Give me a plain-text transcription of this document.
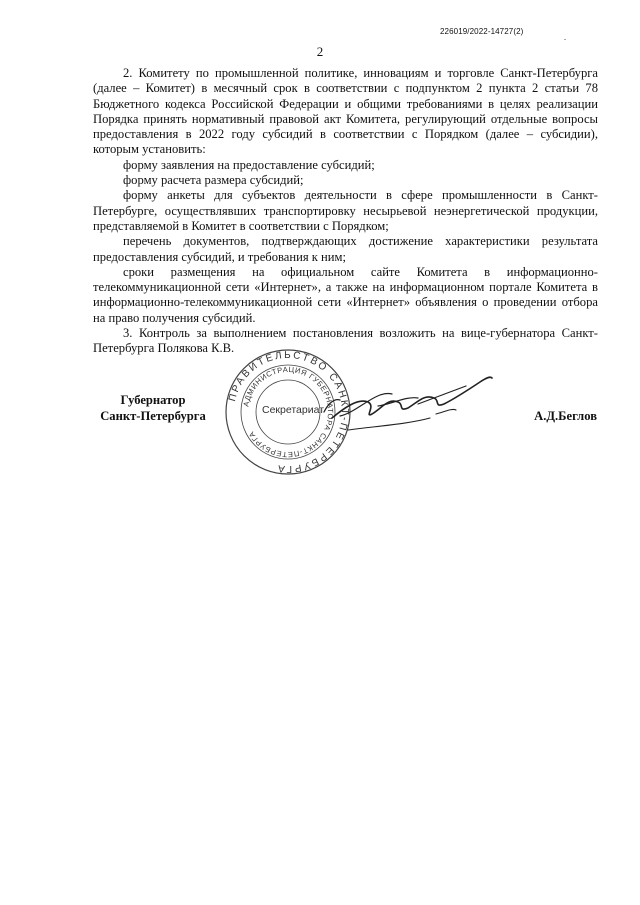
226019/2022-14727(2)
.
2

2. Комитету по промышленной политике, инновациям и торговле Санкт-Петербурга (далее – Комитет) в месячный срок в соответствии с подпунктом 2 пункта 2 статьи 78 Бюджетного кодекса Российской Федерации и общими требованиями в целях реализации Порядка принять нормативный правовой акт Комитета, регулирующий отдельные вопросы предоставления в 2022 году субсидий в соответствии с Порядком (далее – субсидии), которым установить:

форму заявления на предоставление субсидий;

форму расчета размера субсидий;

форму анкеты для субъектов деятельности в сфере промышленности в Санкт-Петербурге, осуществлявших транспортировку несырьевой неэнергетической продукции, представляемой в Комитет в соответствии с Порядком;

перечень документов, подтверждающих достижение характеристики результата предоставления субсидий, и требования к ним;

сроки размещения на официальном сайте Комитета в информационно-телекоммуникационной сети «Интернет», а также на информационном портале Комитета в информационно-телекоммуникационной сети «Интернет» объявления о проведении отбора на право получения субсидий.

3. Контроль за выполнением постановления возложить на вице-губернатора Санкт-Петербурга Полякова К.В.

Губернатор
Санкт-Петербурга
ПРАВИТЕЛЬСТВО САНКТ-ПЕТЕРБУРГА
АДМИНИСТРАЦИЯ ГУБЕРНАТОРА САНКТ-ПЕТЕРБУРГА
Секретариат	А.Д.Беглов
